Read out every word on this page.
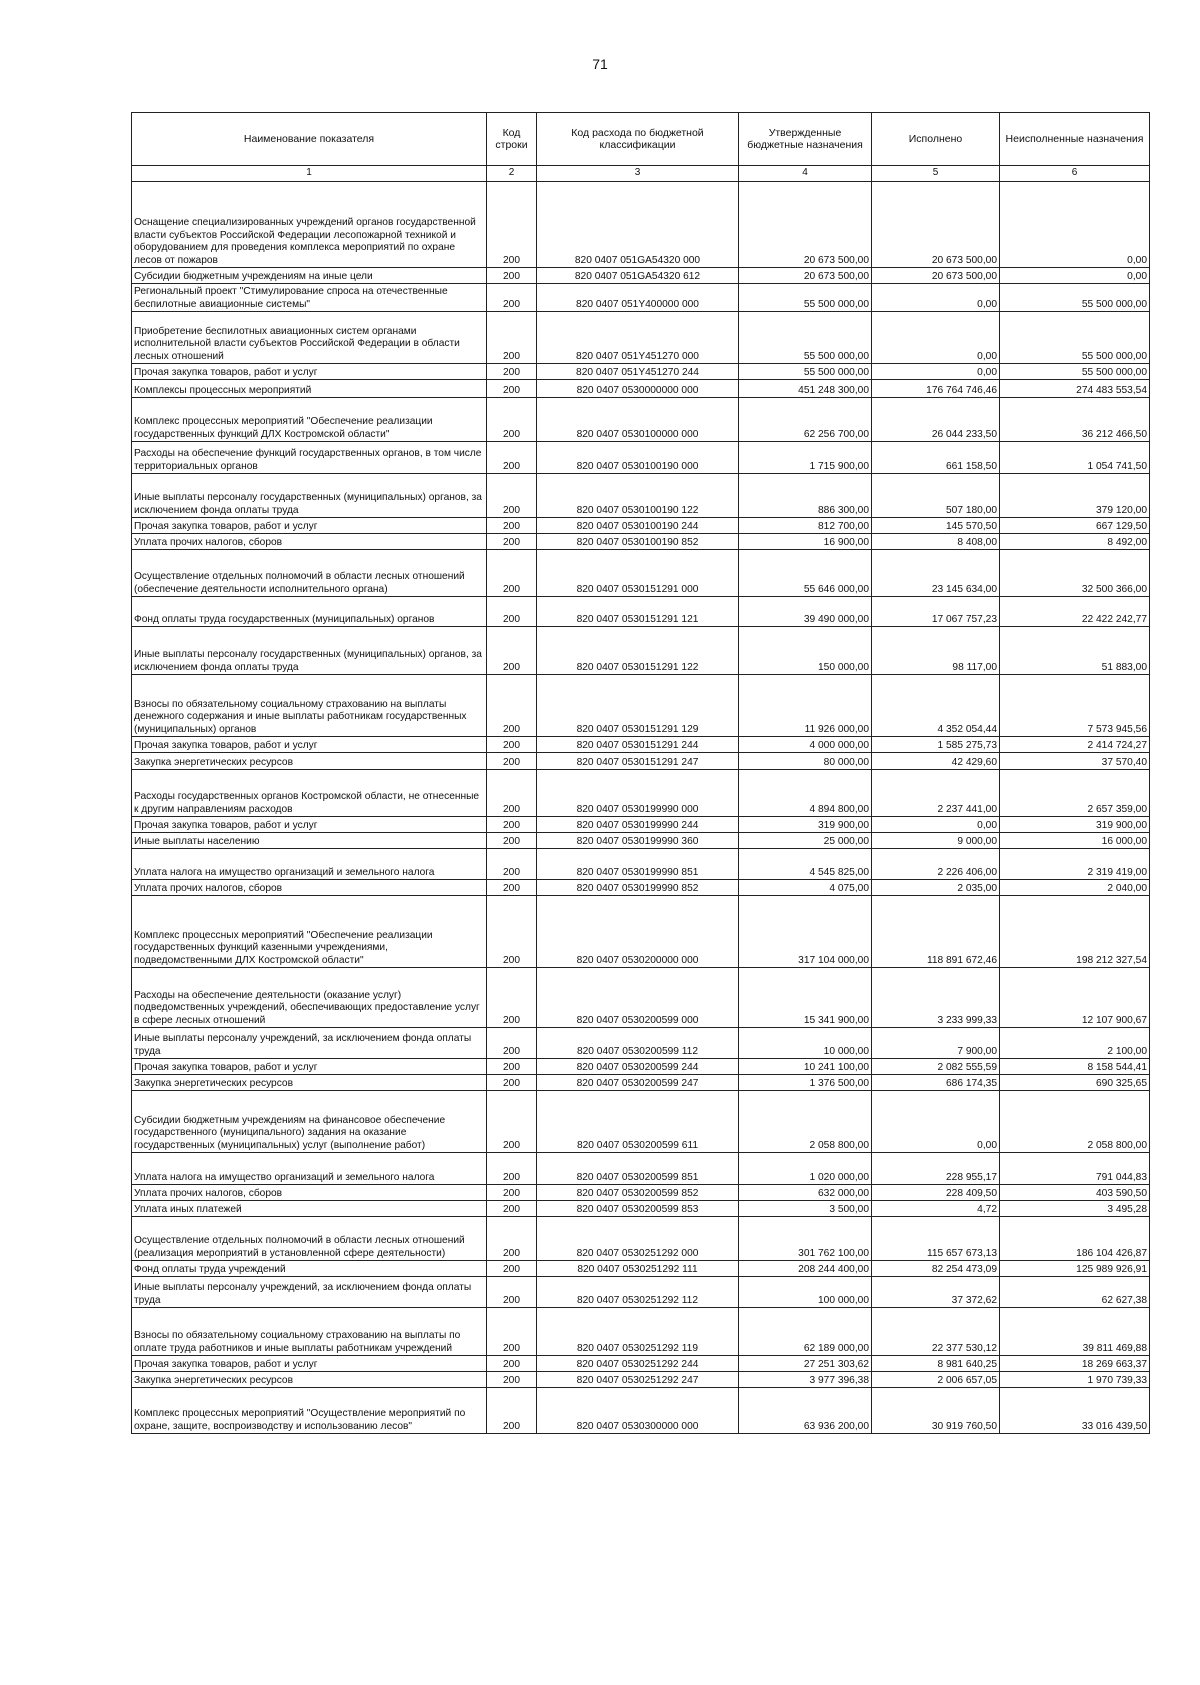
71
Наименование показателя	Код строки	Код расхода по бюджетной классификации	Утвержденные бюджетные назначения	Исполнено	Неисполненные назначения
1	2	3	4	5	6
Оснащение специализированных учреждений органов государственной власти субъектов Российской Федерации лесопожарной техникой и оборудованием для проведения комплекса мероприятий по охране лесов от пожаров	200	820 0407 051GA54320 000	20 673 500,00	20 673 500,00	0,00
Субсидии бюджетным учреждениям на иные цели	200	820 0407 051GA54320 612	20 673 500,00	20 673 500,00	0,00
Региональный проект "Стимулирование спроса на отечественные беспилотные авиационные системы"	200	820 0407 051Y400000 000	55 500 000,00	0,00	55 500 000,00
Приобретение беспилотных авиационных систем органами исполнительной власти субъектов Российской Федерации в области лесных отношений	200	820 0407 051Y451270 000	55 500 000,00	0,00	55 500 000,00
Прочая закупка товаров, работ и услуг	200	820 0407 051Y451270 244	55 500 000,00	0,00	55 500 000,00
Комплексы процессных мероприятий	200	820 0407 0530000000 000	451 248 300,00	176 764 746,46	274 483 553,54
Комплекс процессных мероприятий "Обеспечение реализации государственных функций ДЛХ Костромской области"	200	820 0407 0530100000 000	62 256 700,00	26 044 233,50	36 212 466,50
Расходы на обеспечение функций государственных органов, в том числе территориальных органов	200	820 0407 0530100190 000	1 715 900,00	661 158,50	1 054 741,50
Иные выплаты персоналу государственных (муниципальных) органов, за исключением фонда оплаты труда	200	820 0407 0530100190 122	886 300,00	507 180,00	379 120,00
Прочая закупка товаров, работ и услуг	200	820 0407 0530100190 244	812 700,00	145 570,50	667 129,50
Уплата прочих налогов, сборов	200	820 0407 0530100190 852	16 900,00	8 408,00	8 492,00
Осуществление отдельных полномочий в области лесных отношений (обеспечение деятельности исполнительного органа)	200	820 0407 0530151291 000	55 646 000,00	23 145 634,00	32 500 366,00
Фонд оплаты труда государственных (муниципальных) органов	200	820 0407 0530151291 121	39 490 000,00	17 067 757,23	22 422 242,77
Иные выплаты персоналу государственных (муниципальных) органов, за исключением фонда оплаты труда	200	820 0407 0530151291 122	150 000,00	98 117,00	51 883,00
Взносы по обязательному социальному страхованию на выплаты денежного содержания и иные выплаты работникам государственных (муниципальных) органов	200	820 0407 0530151291 129	11 926 000,00	4 352 054,44	7 573 945,56
Прочая закупка товаров, работ и услуг	200	820 0407 0530151291 244	4 000 000,00	1 585 275,73	2 414 724,27
Закупка энергетических ресурсов	200	820 0407 0530151291 247	80 000,00	42 429,60	37 570,40
Расходы государственных органов Костромской области, не отнесенные к другим направлениям расходов	200	820 0407 0530199990 000	4 894 800,00	2 237 441,00	2 657 359,00
Прочая закупка товаров, работ и услуг	200	820 0407 0530199990 244	319 900,00	0,00	319 900,00
Иные выплаты населению	200	820 0407 0530199990 360	25 000,00	9 000,00	16 000,00
Уплата налога на имущество организаций и земельного налога	200	820 0407 0530199990 851	4 545 825,00	2 226 406,00	2 319 419,00
Уплата прочих налогов, сборов	200	820 0407 0530199990 852	4 075,00	2 035,00	2 040,00
Комплекс процессных мероприятий "Обеспечение реализации государственных функций казенными учреждениями, подведомственными ДЛХ Костромской области"	200	820 0407 0530200000 000	317 104 000,00	118 891 672,46	198 212 327,54
Расходы на обеспечение деятельности (оказание услуг) подведомственных учреждений, обеспечивающих предоставление услуг в сфере лесных отношений	200	820 0407 0530200599 000	15 341 900,00	3 233 999,33	12 107 900,67
Иные выплаты персоналу учреждений, за исключением фонда оплаты труда	200	820 0407 0530200599 112	10 000,00	7 900,00	2 100,00
Прочая закупка товаров, работ и услуг	200	820 0407 0530200599 244	10 241 100,00	2 082 555,59	8 158 544,41
Закупка энергетических ресурсов	200	820 0407 0530200599 247	1 376 500,00	686 174,35	690 325,65
Субсидии бюджетным учреждениям на финансовое обеспечение государственного (муниципального) задания на оказание государственных (муниципальных) услуг (выполнение работ)	200	820 0407 0530200599 611	2 058 800,00	0,00	2 058 800,00
Уплата налога на имущество организаций и земельного налога	200	820 0407 0530200599 851	1 020 000,00	228 955,17	791 044,83
Уплата прочих налогов, сборов	200	820 0407 0530200599 852	632 000,00	228 409,50	403 590,50
Уплата иных платежей	200	820 0407 0530200599 853	3 500,00	4,72	3 495,28
Осуществление отдельных полномочий в области лесных отношений (реализация мероприятий в установленной сфере деятельности)	200	820 0407 0530251292 000	301 762 100,00	115 657 673,13	186 104 426,87
Фонд оплаты труда учреждений	200	820 0407 0530251292 111	208 244 400,00	82 254 473,09	125 989 926,91
Иные выплаты персоналу учреждений, за исключением фонда оплаты труда	200	820 0407 0530251292 112	100 000,00	37 372,62	62 627,38
Взносы по обязательному социальному страхованию на выплаты по оплате труда работников и иные выплаты работникам учреждений	200	820 0407 0530251292 119	62 189 000,00	22 377 530,12	39 811 469,88
Прочая закупка товаров, работ и услуг	200	820 0407 0530251292 244	27 251 303,62	8 981 640,25	18 269 663,37
Закупка энергетических ресурсов	200	820 0407 0530251292 247	3 977 396,38	2 006 657,05	1 970 739,33
Комплекс процессных мероприятий "Осуществление мероприятий по охране, защите, воспроизводству и использованию лесов"	200	820 0407 0530300000 000	63 936 200,00	30 919 760,50	33 016 439,50
